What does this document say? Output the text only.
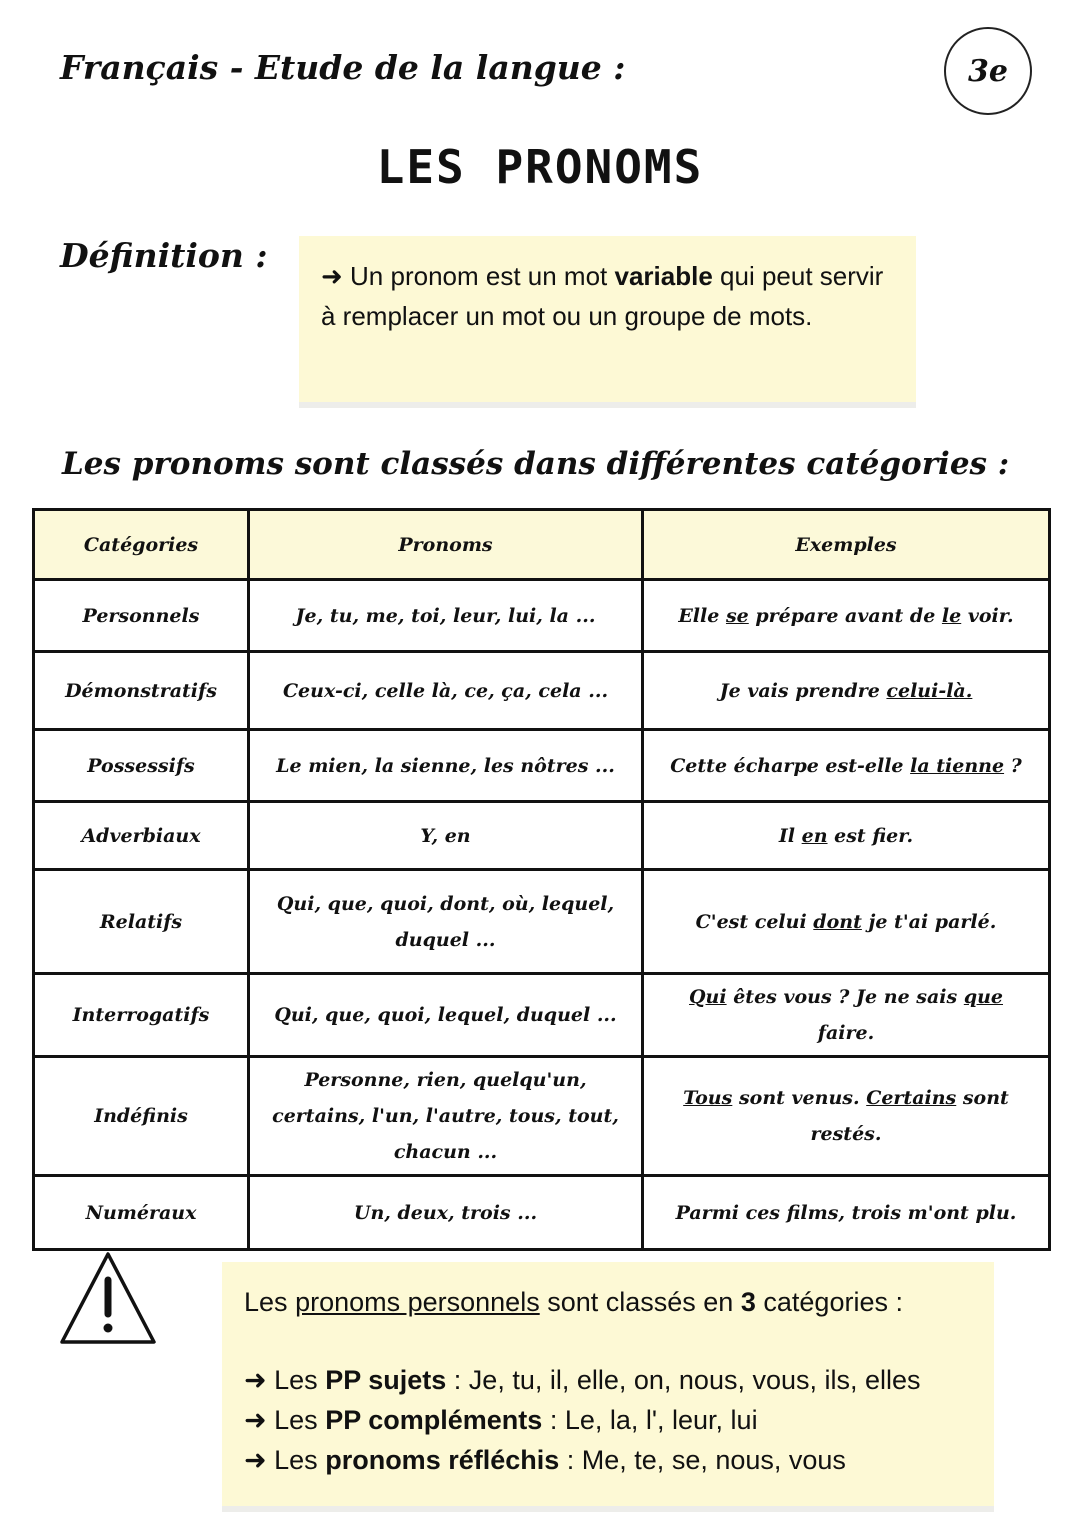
Français - Etude de la langue :	3e
LES PRONOMS
Définition :
➜ Un pronom est un mot variable qui peut servir à remplacer un mot ou un groupe de mots.
Les pronoms sont classés dans différentes catégories :
Catégories	Pronoms	Exemples
Personnels	Je, tu, me, toi, leur, lui, la ...	Elle se prépare avant de le voir.
Démonstratifs	Ceux-ci, celle là, ce, ça, cela ...	Je vais prendre celui-là.
Possessifs	Le mien, la sienne, les nôtres ...	Cette écharpe est-elle la tienne ?
Adverbiaux	Y, en	Il en est fier.
Relatifs	Qui, que, quoi, dont, où, lequel, duquel ...	C'est celui dont je t'ai parlé.
Interrogatifs	Qui, que, quoi, lequel, duquel ...	Qui êtes vous ? Je ne sais que faire.
Indéfinis	Personne, rien, quelqu'un, certains, l'un, l'autre, tous, tout, chacun ...	Tous sont venus. Certains sont restés.
Numéraux	Un, deux, trois ...	Parmi ces films, trois m'ont plu.
Les pronoms personnels sont classés en 3 catégories :
➜ Les PP sujets : Je, tu, il, elle, on, nous, vous, ils, elles
➜ Les PP compléments : Le, la, l', leur, lui
➜ Les pronoms réfléchis : Me, te, se, nous, vous
